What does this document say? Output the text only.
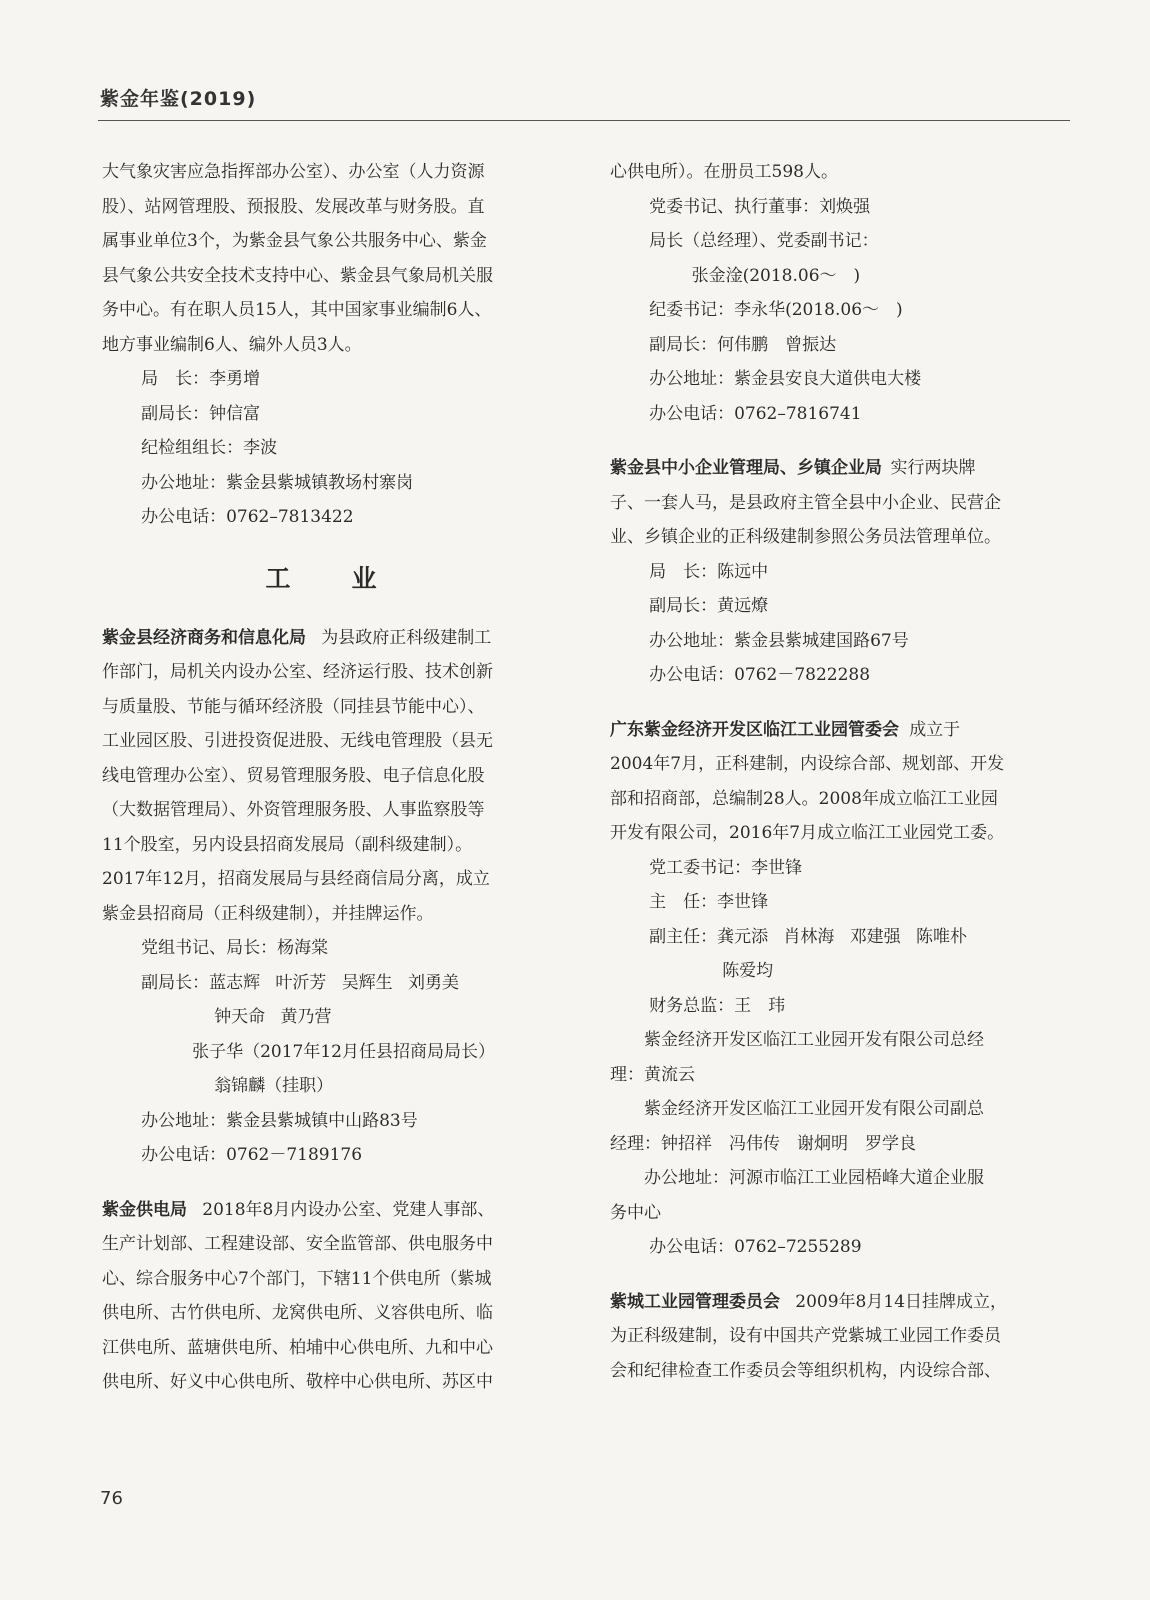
紫金年鉴(2019)

大气象灾害应急指挥部办公室）、办公室（人力资源

股）、站网管理股、预报股、发展改革与财务股。直

属事业单位3个，为紫金县气象公共服务中心、紫金

县气象公共安全技术支持中心、紫金县气象局机关服

务中心。有在职人员15人，其中国家事业编制6人、

地方事业编制6人、编外人员3人。

局　长：李勇增

副局长：钟信富

纪检组组长：李波

办公地址：紫金县紫城镇教场村寨岗

办公电话：0762–7813422

工　业

紫金县经济商务和信息化局 为县政府正科级建制工

作部门，局机关内设办公室、经济运行股、技术创新

与质量股、节能与循环经济股（同挂县节能中心）、

工业园区股、引进投资促进股、无线电管理股（县无

线电管理办公室）、贸易管理服务股、电子信息化股

（大数据管理局）、外资管理服务股、人事监察股等

11个股室，另内设县招商发展局（副科级建制）。

2017年12月，招商发展局与县经商信局分离，成立

紫金县招商局（正科级建制），并挂牌运作。

党组书记、局长：杨海棠

副局长：蓝志辉 叶沂芳 吴辉生 刘勇美

钟天命 黄乃营

张子华（2017年12月任县招商局局长）

翁锦麟（挂职）

办公地址：紫金县紫城镇中山路83号

办公电话：0762－7189176

紫金供电局 2018年8月内设办公室、党建人事部、

生产计划部、工程建设部、安全监管部、供电服务中

心、综合服务中心7个部门，下辖11个供电所（紫城

供电所、古竹供电所、龙窝供电所、义容供电所、临

江供电所、蓝塘供电所、柏埔中心供电所、九和中心

供电所、好义中心供电所、敬梓中心供电所、苏区中

心供电所）。在册员工598人。

党委书记、执行董事：刘焕强

局长（总经理）、党委副书记：

张金淦(2018.06～　)

纪委书记：李永华(2018.06～　)

副局长：何伟鹏　曾振达

办公地址：紫金县安良大道供电大楼

办公电话：0762–7816741

紫金县中小企业管理局、乡镇企业局 实行两块牌

子、一套人马，是县政府主管全县中小企业、民营企

业、乡镇企业的正科级建制参照公务员法管理单位。

局　长：陈远中

副局长：黄远燎

办公地址：紫金县紫城建国路67号

办公电话：0762－7822288

广东紫金经济开发区临江工业园管委会 成立于

2004年7月，正科建制，内设综合部、规划部、开发

部和招商部，总编制28人。2008年成立临江工业园

开发有限公司，2016年7月成立临江工业园党工委。

党工委书记：李世锋

主　任：李世锋

副主任：龚元添 肖林海 邓建强 陈唯朴

陈爱均

财务总监：王　玮

紫金经济开发区临江工业园开发有限公司总经

理：黄流云

紫金经济开发区临江工业园开发有限公司副总

经理：钟招祥　冯伟传　谢炯明　罗学良

办公地址：河源市临江工业园梧峰大道企业服

务中心

办公电话：0762–7255289

紫城工业园管理委员会 2009年8月14日挂牌成立，

为正科级建制，设有中国共产党紫城工业园工作委员

会和纪律检查工作委员会等组织机构，内设综合部、

76
